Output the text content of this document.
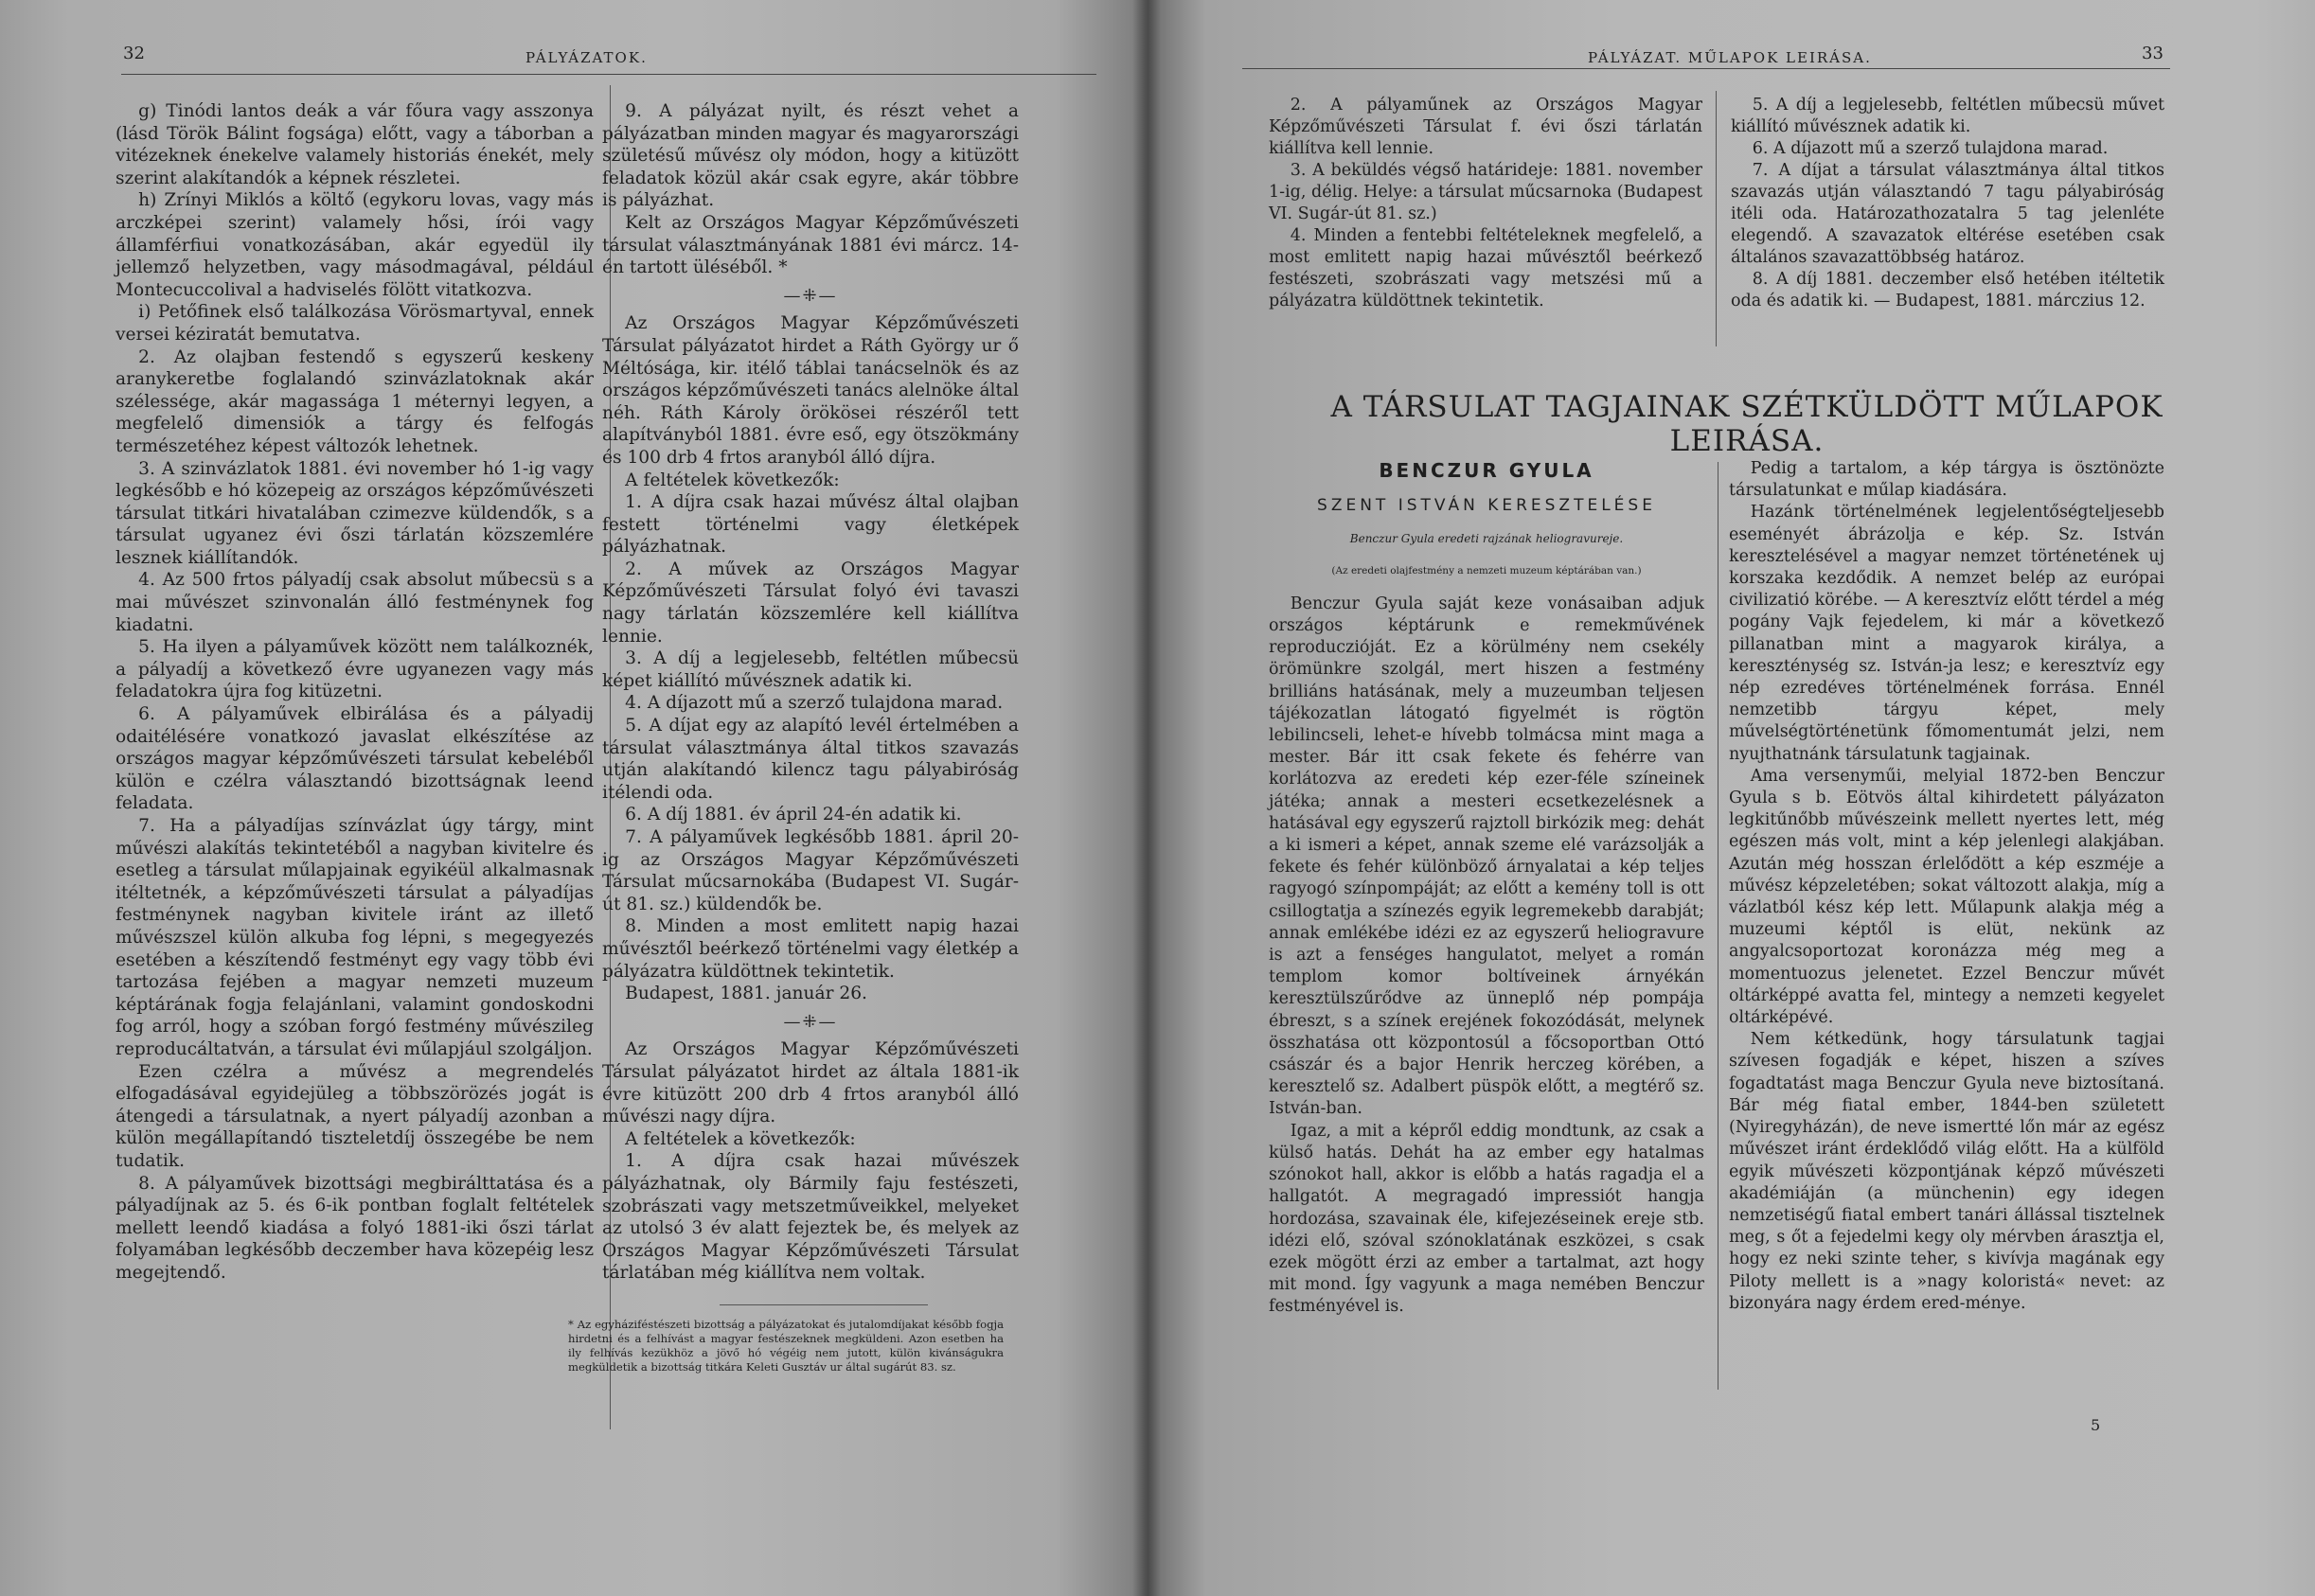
32	PÁLYÁZATOK.

g) Tinódi lantos deák a vár főura vagy asszonya (lásd Török Bálint fogsága) előtt, vagy a táborban a vitézeknek énekelve valamely historiás énekét, mely szerint alakítandók a képnek részletei.

h) Zrínyi Miklós a költő (egykoru lovas, vagy más arczképei szerint) valamely hősi, írói vagy államférfiui vonatkozásában, akár egyedül ily jellemző helyzetben, vagy másodmagával, például Montecuccolival a hadviselés fölött vitatkozva.

i) Petőfinek első találkozása Vörösmartyval, ennek versei kéziratát bemutatva.

2. Az olajban festendő s egyszerű keskeny aranykeretbe foglalandó szinvázlatoknak akár szélessége, akár magassága 1 méternyi legyen, a megfelelő dimensiók a tárgy és felfogás természetéhez képest változók lehetnek.

3. A szinvázlatok 1881. évi november hó 1-ig vagy legkésőbb e hó közepeig az országos képzőművészeti társulat titkári hivatalában czimezve küldendők, s a társulat ugyanez évi őszi tárlatán közszemlére lesznek kiállítandók.

4. Az 500 frtos pályadíj csak absolut műbecsü s a mai művészet szinvonalán álló festménynek fog kiadatni.

5. Ha ilyen a pályaművek között nem találkoznék, a pályadíj a következő évre ugyanezen vagy más feladatokra újra fog kitüzetni.

6. A pályaművek elbirálása és a pályadij odaitélésére vonatkozó javaslat elkészítése az országos magyar képzőművészeti társulat kebeléből külön e czélra választandó bizottságnak leend feladata.

7. Ha a pályadíjas színvázlat úgy tárgy, mint művészi alakítás tekintetéből a nagyban kivitelre és esetleg a társulat műlapjainak egyikéül alkalmasnak itéltetnék, a képzőművészeti társulat a pályadíjas festménynek nagyban kivitele iránt az illető művészszel külön alkuba fog lépni, s megegyezés esetében a készítendő festményt egy vagy több évi tartozása fejében a magyar nemzeti muzeum képtárának fogja felajánlani, valamint gondoskodni fog arról, hogy a szóban forgó festmény művészileg reproducáltatván, a társulat évi műlapjául szolgáljon.

Ezen czélra a művész a megrendelés elfogadásával egyidejüleg a többszörözés jogát is átengedi a társulatnak, a nyert pályadíj azonban a külön megállapítandó tiszteletdíj összegébe be nem tudatik.

8. A pályaművek bizottsági megbirálttatása és a pályadíjnak az 5. és 6-ik pontban foglalt feltételek mellett leendő kiadása a folyó 1881-iki őszi tárlat folyamában legkésőbb deczember hava közepéig lesz megejtendő.

9. A pályázat nyilt, és részt vehet a pályázatban minden magyar és magyarországi születésű művész oly módon, hogy a kitüzött feladatok közül akár csak egyre, akár többre is pályázhat.

Kelt az Országos Magyar Képzőművészeti társulat választmányának 1881 évi márcz. 14-én tartott üléséből. *

—⁜—

Az Országos Magyar Képzőművészeti Társulat pályázatot hirdet a Ráth György ur ő Méltósága, kir. itélő táblai tanácselnök és az országos képzőművészeti tanács alelnöke által néh. Ráth Károly örökösei részéről tett alapítványból 1881. évre eső, egy ötszökmány és 100 drb 4 frtos aranyból álló díjra.

A feltételek következők:

1. A díjra csak hazai művész által olajban festett történelmi vagy életképek pályázhatnak.

2. A művek az Országos Magyar Képzőművészeti Társulat folyó évi tavaszi nagy tárlatán közszemlére kell kiállítva lennie.

3. A díj a legjelesebb, feltétlen műbecsü képet kiállító művésznek adatik ki.

4. A díjazott mű a szerző tulajdona marad.

5. A díjat egy az alapító levél értelmében a társulat választmánya által titkos szavazás utján alakítandó kilencz tagu pályabiróság itélendi oda.

6. A díj 1881. év ápril 24-én adatik ki.

7. A pályaművek legkésőbb 1881. ápril 20-ig az Országos Magyar Képzőművészeti Társulat műcsarnokába (Budapest VI. Sugár-út 81. sz.) küldendők be.

8. Minden a most emlitett napig hazai művésztől beérkező történelmi vagy életkép a pályázatra küldöttnek tekintetik.

Budapest, 1881. január 26.

—⁜—

Az Országos Magyar Képzőművészeti Társulat pályázatot hirdet az általa 1881-ik évre kitüzött 200 drb 4 frtos aranyból álló művészi nagy díjra.

A feltételek a következők:

1. A díjra csak hazai művészek pályázhatnak, oly Bármily faju festészeti, szobrászati vagy metszetműveikkel, melyeket az utolsó 3 év alatt fejeztek be, és melyek az Országos Magyar Képzőművészeti Társulat tárlatában még kiállítva nem voltak.

* Az egyháziféstészeti bizottság a pályázatokat és jutalomdíjakat később fogja hirdetni és a felhívást a magyar festészeknek megküldeni. Azon esetben ha ily felhívás kezükhöz a jövő hó végéig nem jutott, külön kivánságukra megküldetik a bizottság titkára Keleti Gusztáv ur által sugárút 83. sz.
PÁLYÁZAT. MŰLAPOK LEIRÁSA.	33

2. A pályaműnek az Országos Magyar Képzőművészeti Társulat f. évi őszi tárlatán kiállítva kell lennie.

3. A beküldés végső határideje: 1881. november 1-ig, délig. Helye: a társulat műcsarnoka (Budapest VI. Sugár-út 81. sz.)

4. Minden a fentebbi feltételeknek megfelelő, a most emlitett napig hazai művésztől beérkező festészeti, szobrászati vagy metszési mű a pályázatra küldöttnek tekintetik.

5. A díj a legjelesebb, feltétlen műbecsü művet kiállító művésznek adatik ki.

6. A díjazott mű a szerző tulajdona marad.

7. A díjat a társulat választmánya által titkos szavazás utján választandó 7 tagu pályabiróság itéli oda. Határozathozatalra 5 tag jelenléte elegendő. A szavazatok eltérése esetében csak általános szavazattöbbség határoz.

8. A díj 1881. deczember első hetében itéltetik oda és adatik ki. — Budapest, 1881. márczius 12.

A TÁRSULAT TAGJAINAK SZÉTKÜLDÖTT MŰLAPOK LEIRÁSA.
BENCZUR GYULA
SZENT ISTVÁN KERESZTELÉSE
Benczur Gyula eredeti rajzának heliogravureje.
(Az eredeti olajfestmény a nemzeti muzeum képtárában van.)

Benczur Gyula saját keze vonásaiban adjuk országos képtárunk e remekművének reproduczióját. Ez a körülmény nem csekély örömünkre szolgál, mert hiszen a festmény brilliáns hatásának, mely a muzeumban teljesen tájékozatlan látogató figyelmét is rögtön lebilincseli, lehet-e hívebb tolmácsa mint maga a mester. Bár itt csak fekete és fehérre van korlátozva az eredeti kép ezer-féle színeinek játéka; annak a mesteri ecsetkezelésnek a hatásával egy egyszerű rajztoll birkózik meg: dehát a ki ismeri a képet, annak szeme elé varázsolják a fekete és fehér különböző árnyalatai a kép teljes ragyogó színpompáját; az előtt a kemény toll is ott csillogtatja a színezés egyik legremekebb darabját; annak emlékébe idézi ez az egyszerű heliogravure is azt a fenséges hangulatot, melyet a román templom komor boltíveinek árnyékán keresztülszűrődve az ünneplő nép pompája ébreszt, s a színek erejének fokozódását, melynek összhatása ott központosúl a főcsoportban Ottó császár és a bajor Henrik herczeg körében, a keresztelő sz. Adalbert püspök előtt, a megtérő sz. István-ban.

Igaz, a mit a képről eddig mondtunk, az csak a külső hatás. Dehát ha az ember egy hatalmas szónokot hall, akkor is előbb a hatás ragadja el a hallgatót. A megragadó impressiót hangja hordozása, szavainak éle, kifejezéseinek ereje stb. idézi elő, szóval szónoklatának eszközei, s csak ezek mögött érzi az ember a tartalmat, azt hogy mit mond. Így vagyunk a maga nemében Benczur festményével is.

Pedig a tartalom, a kép tárgya is ösztönözte társulatunkat e műlap kiadására.

Hazánk történelmének legjelentőségteljesebb eseményét ábrázolja e kép. Sz. István keresztelésével a magyar nemzet történetének uj korszaka kezdődik. A nemzet belép az európai civilizatió körébe. — A keresztvíz előtt térdel a még pogány Vajk fejedelem, ki már a következő pillanatban mint a magyarok királya, a kereszténység sz. István-ja lesz; e keresztvíz egy nép ezredéves történelmének forrása. Ennél nemzetibb tárgyu képet, mely művelségtörténetünk főmomentumát jelzi, nem nyujthatnánk társulatunk tagjainak.

Ama versenyműi, melyial 1872-ben Benczur Gyula s b. Eötvös által kihirdetett pályázaton legkitűnőbb művészeink mellett nyertes lett, még egészen más volt, mint a kép jelenlegi alakjában. Azután még hosszan érlelődött a kép eszméje a művész képzeletében; sokat változott alakja, míg a vázlatból kész kép lett. Műlapunk alakja még a muzeumi képtől is elüt, nekünk az angyalcsoportozat koronázza még meg a momentuozus jelenetet. Ezzel Benczur művét oltárképpé avatta fel, mintegy a nemzeti kegyelet oltárképévé.

Nem kétkedünk, hogy társulatunk tagjai szívesen fogadják e képet, hiszen a szíves fogadtatást maga Benczur Gyula neve biztosítaná. Bár még fiatal ember, 1844-ben született (Nyiregyházán), de neve ismertté lőn már az egész művészet iránt érdeklődő világ előtt. Ha a külföld egyik művészeti központjának képző művészeti akadémiáján (a münchenin) egy idegen nemzetiségű fiatal embert tanári állással tisztelnek meg, s őt a fejedelmi kegy oly mérvben árasztja el, hogy ez neki szinte teher, s kivívja magának egy Piloty mellett is a »nagy koloristá« nevet: az bizonyára nagy érdem ered-ménye.

5
